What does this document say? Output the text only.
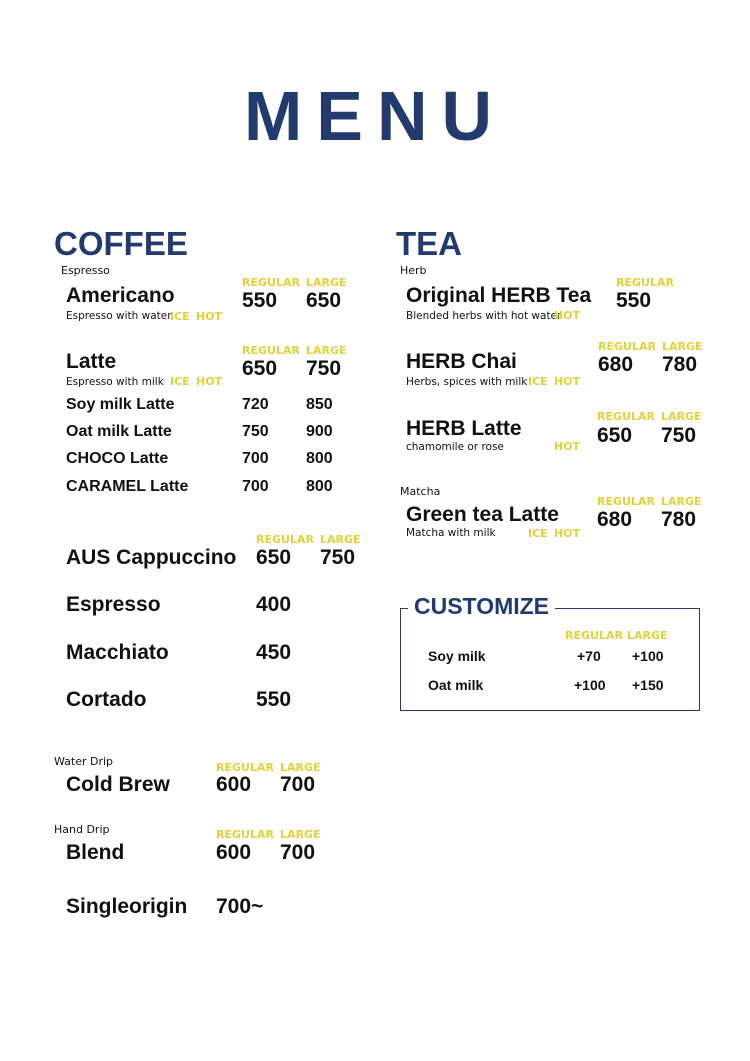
MENU
COFFEE
Espresso
REGULAR LARGE
Americano	550 650
Espresso with water
ICE HOT
REGULAR LARGE
Latte	650 750
Espresso with milk ICE HOT
Soy milk Latte	720 850
Oat milk Latte	750 900
CHOCO Latte	700 800
CARAMEL Latte	700 800
REGULAR LARGE
AUS Cappuccino 650 750
Espresso	400
Macchiato	450
Cortado	550
Water Drip	REGULAR LARGE
Cold Brew 600 700
Hand Drip	REGULAR LARGE
Blend	600 700
Singleorigin 700~
TEA
Herb
REGULAR
Original HERB Tea 550
Blended herbs with hot water
HOT
REGULAR LARGE
HERB Chai	680 780
Herbs, spices with milk ICE HOT
REGULAR LARGE
HERB Latte	650 750
chamomile or rose	HOT
Matcha
REGULAR LARGE
Green tea Latte 680 780
Matcha with milk	ICE HOT
CUSTOMIZE
REGULAR LARGE
Soy milk	+70 +100
Oat milk	+100 +150
